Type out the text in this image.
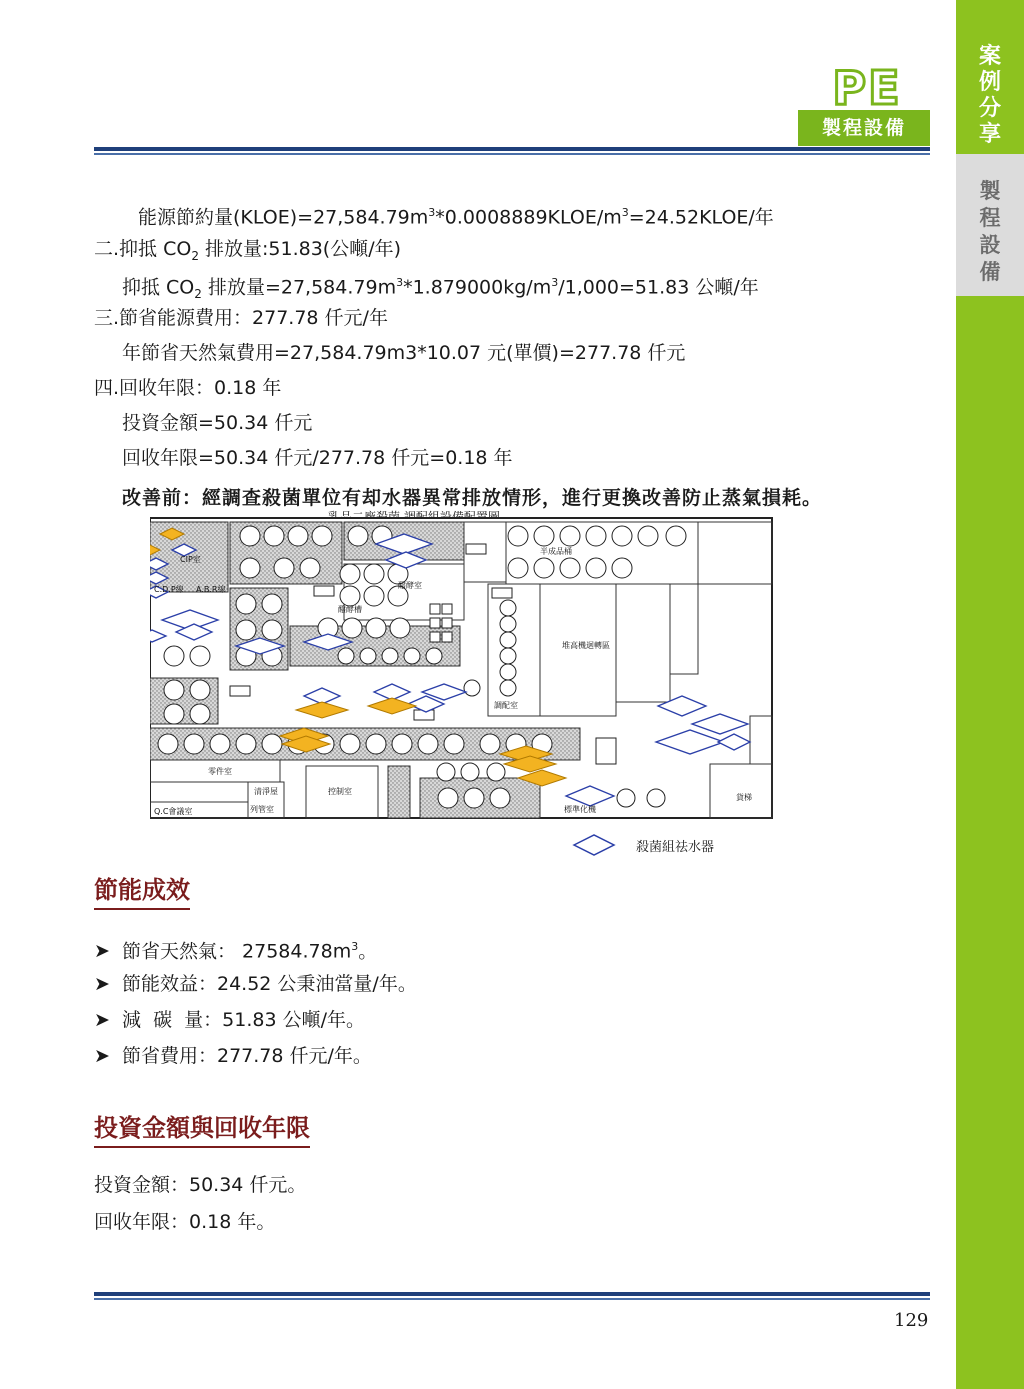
案
例
分
享
製
程
設
備
PE
製程設備
能源節約量$(KLOE)=27,584.79m^3*0.0008889KLOE/m^3=24.52KLOE/$年
二.抑抵 $CO_2$ 排放量:51.83(公噸/年)
抑抵 $CO_2$ 排放量$=27,584.79m^3*1.879000kg/m^3/1,000=51.83$ 公噸/年
三.節省能源費用：277.78 仟元/年
年節省天然氣費用=27,584.79m3*10.07 元(單價)=277.78 仟元
四.回收年限：0.18 年
投資金額=50.34 仟元
回收年限=50.34 仟元/277.78 仟元=0.18 年
改善前：經調查殺菌單位有却水器異常排放情形，進行更換改善防止蒸氣損耗。
CIP室
C.D.P線 A.B.R線	醱酵室
醱酵槽
半成品桶
堆高機迴轉區
調配室
零件室
清淨屋	控制室
標準化機
貨梯
Q.C會議室	列管室
殺菌組祛水器
節能成效
➤ 節省天然氣： $27584.78m^3$。
➤ 節能效益：24.52 公秉油當量/年。
➤ 減  碳  量：51.83 公噸/年。
➤ 節省費用：277.78 仟元/年。
投資金額與回收年限
投資金額：50.34 仟元。
回收年限：0.18 年。
129
